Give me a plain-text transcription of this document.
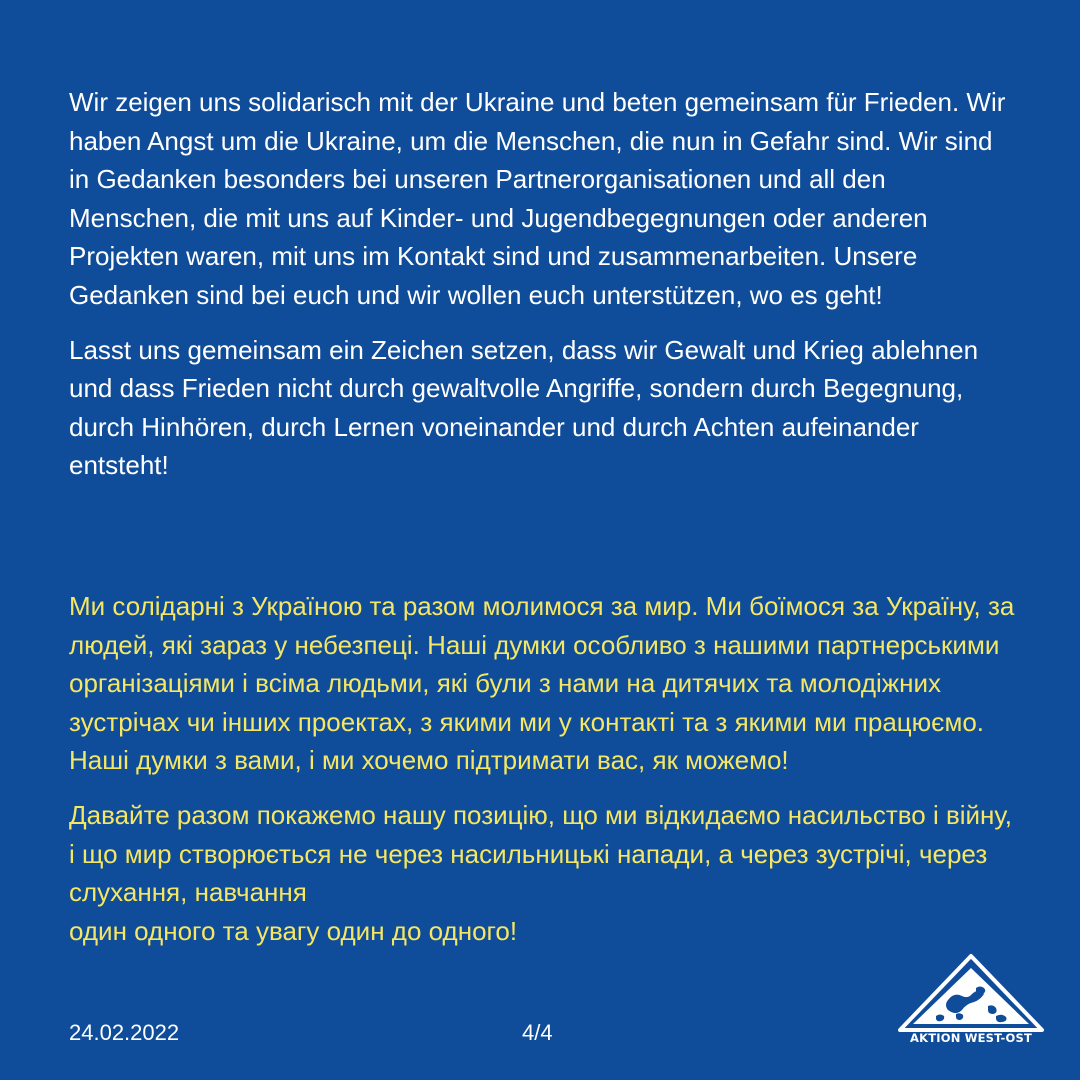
Wir zeigen uns solidarisch mit der Ukraine und beten gemeinsam für Frieden. Wir haben Angst um die Ukraine, um die Menschen, die nun in Gefahr sind. Wir sind in Gedanken besonders bei unseren Partnerorganisationen und all den Menschen, die mit uns auf Kinder- und Jugendbegegnungen oder anderen Projekten waren, mit uns im Kontakt sind und zusammenarbeiten. Unsere Gedanken sind bei euch und wir wollen euch unterstützen, wo es geht!

Lasst uns gemeinsam ein Zeichen setzen, dass wir Gewalt und Krieg ablehnen und dass Frieden nicht durch gewaltvolle Angriffe, sondern durch Begegnung, durch Hinhören, durch Lernen voneinander und durch Achten aufeinander entsteht!

Ми солідарні з Україною та разом молимося за мир. Ми боїмося за Україну, за людей, які зараз у небезпеці. Наші думки особливо з нашими партнерськими організаціями і всіма людьми, які були з нами на дитячих та молодіжних зустрічах чи інших проектах, з якими ми у контакті та з якими ми працюємо. Наші думки з вами, і ми хочемо підтримати вас, як можемо!

Давайте разом покажемо нашу позицію, що ми відкидаємо насильство і війну, і що мир створюється не через насильницькі напади, а через зустрічі, через слухання, навчання
один одного та увагу один до одного!
24.02.2022	4/4	AKTION WEST-OST
